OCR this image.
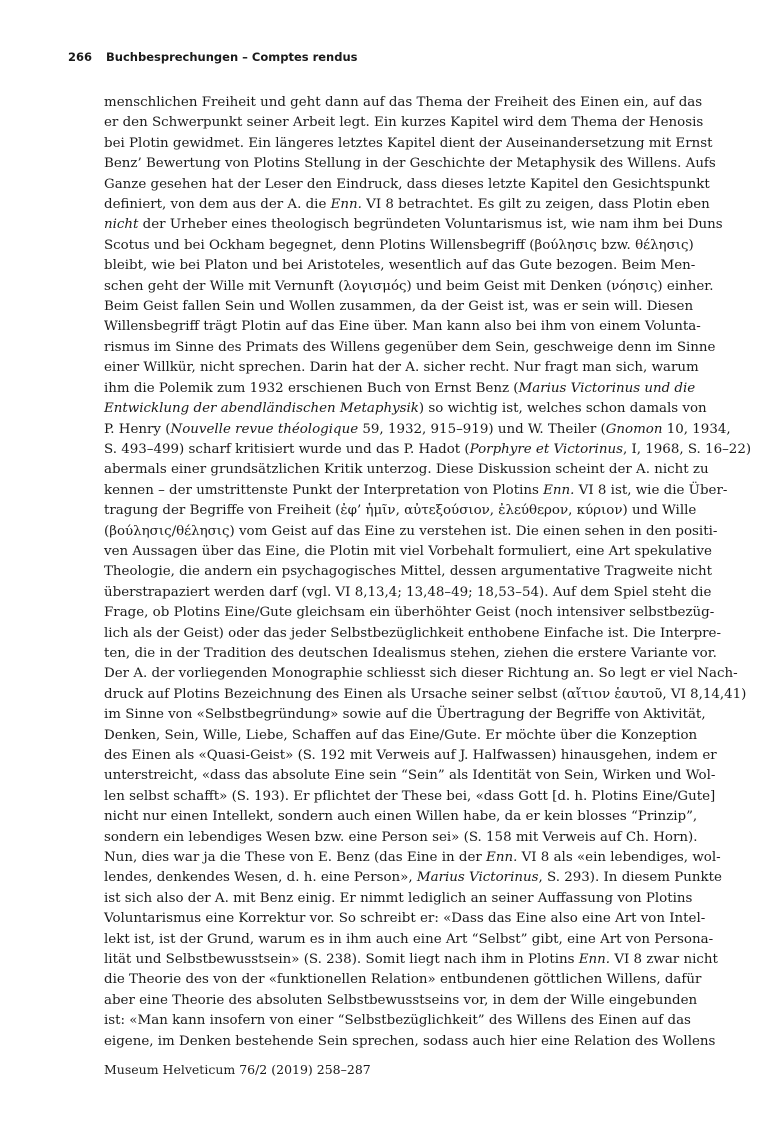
266 Buchbesprechungen – Comptes rendus
menschlichen Freiheit und geht dann auf das Thema der Freiheit des Einen ein, auf das
er den Schwerpunkt seiner Arbeit legt. Ein kurzes Kapitel wird dem Thema der Henosis
bei Plotin gewidmet. Ein längeres letztes Kapitel dient der Auseinandersetzung mit Ernst
Benz’ Bewertung von Plotins Stellung in der Geschichte der Metaphysik des Willens. Aufs
Ganze gesehen hat der Leser den Eindruck, dass dieses letzte Kapitel den Gesichtspunkt
definiert, von dem aus der A. die Enn. VI 8 betrachtet. Es gilt zu zeigen, dass Plotin eben
nicht der Urheber eines theologisch begründeten Voluntarismus ist, wie nam ihm bei Duns
Scotus und bei Ockham begegnet, denn Plotins Willensbegriff (βούλησις bzw. θέλησις)
bleibt, wie bei Platon und bei Aristoteles, wesentlich auf das Gute bezogen. Beim Men-
schen geht der Wille mit Vernunft (λογισμός) und beim Geist mit Denken (νόησις) einher.
Beim Geist fallen Sein und Wollen zusammen, da der Geist ist, was er sein will. Diesen
Willensbegriff trägt Plotin auf das Eine über. Man kann also bei ihm von einem Volunta-
rismus im Sinne des Primats des Willens gegenüber dem Sein, geschweige denn im Sinne
einer Willkür, nicht sprechen. Darin hat der A. sicher recht. Nur fragt man sich, warum
ihm die Polemik zum 1932 erschienen Buch von Ernst Benz (Marius Victorinus und die
Entwicklung der abendländischen Metaphysik) so wichtig ist, welches schon damals von
P. Henry (Nouvelle revue théologique 59, 1932, 915–919) und W. Theiler (Gnomon 10, 1934,
S. 493–499) scharf kritisiert wurde und das P. Hadot (Porphyre et Victorinus, I, 1968, S. 16–22)
abermals einer grundsätzlichen Kritik unterzog. Diese Diskussion scheint der A. nicht zu
kennen – der umstrittenste Punkt der Interpretation von Plotins Enn. VI 8 ist, wie die Über-
tragung der Begriffe von Freiheit (ἐφ’ ἡμῖν, αὐτεξούσιον, ἐλεύθερον, κύριον) und Wille
(βούλησις/θέλησις) vom Geist auf das Eine zu verstehen ist. Die einen sehen in den positi-
ven Aussagen über das Eine, die Plotin mit viel Vorbehalt formuliert, eine Art spekulative
Theologie, die andern ein psychagogisches Mittel, dessen argumentative Tragweite nicht
überstrapaziert werden darf (vgl. VI 8,13,4; 13,48–49; 18,53–54). Auf dem Spiel steht die
Frage, ob Plotins Eine/Gute gleichsam ein überhöhter Geist (noch intensiver selbstbezüg-
lich als der Geist) oder das jeder Selbstbezüglichkeit enthobene Einfache ist. Die Interpre-
ten, die in der Tradition des deutschen Idealismus stehen, ziehen die erstere Variante vor.
Der A. der vorliegenden Monographie schliesst sich dieser Richtung an. So legt er viel Nach-
druck auf Plotins Bezeichnung des Einen als Ursache seiner selbst (αἴτιον ἑαυτοῦ, VI 8,14,41)
im Sinne von «Selbstbegründung» sowie auf die Übertragung der Begriffe von Aktivität,
Denken, Sein, Wille, Liebe, Schaffen auf das Eine/Gute. Er möchte über die Konzeption
des Einen als «Quasi-Geist» (S. 192 mit Verweis auf J. Halfwassen) hinausgehen, indem er
unterstreicht, «dass das absolute Eine sein “Sein” als Identität von Sein, Wirken und Wol-
len selbst schafft» (S. 193). Er pflichtet der These bei, «dass Gott [d. h. Plotins Eine/Gute]
nicht nur einen Intellekt, sondern auch einen Willen habe, da er kein blosses “Prinzip”,
sondern ein lebendiges Wesen bzw. eine Person sei» (S. 158 mit Verweis auf Ch. Horn).
Nun, dies war ja die These von E. Benz (das Eine in der Enn. VI 8 als «ein lebendiges, wol-
lendes, denkendes Wesen, d. h. eine Person», Marius Victorinus, S. 293). In diesem Punkte
ist sich also der A. mit Benz einig. Er nimmt lediglich an seiner Auffassung von Plotins
Voluntarismus eine Korrektur vor. So schreibt er: «Dass das Eine also eine Art von Intel-
lekt ist, ist der Grund, warum es in ihm auch eine Art “Selbst” gibt, eine Art von Persona-
lität und Selbstbewusstsein» (S. 238). Somit liegt nach ihm in Plotins Enn. VI 8 zwar nicht
die Theorie des von der «funktionellen Relation» entbundenen göttlichen Willens, dafür
aber eine Theorie des absoluten Selbstbewusstseins vor, in dem der Wille eingebunden
ist: «Man kann insofern von einer “Selbstbezüglichkeit” des Willens des Einen auf das
eigene, im Denken bestehende Sein sprechen, sodass auch hier eine Relation des Wollens
Museum Helveticum 76/2 (2019) 258–287
